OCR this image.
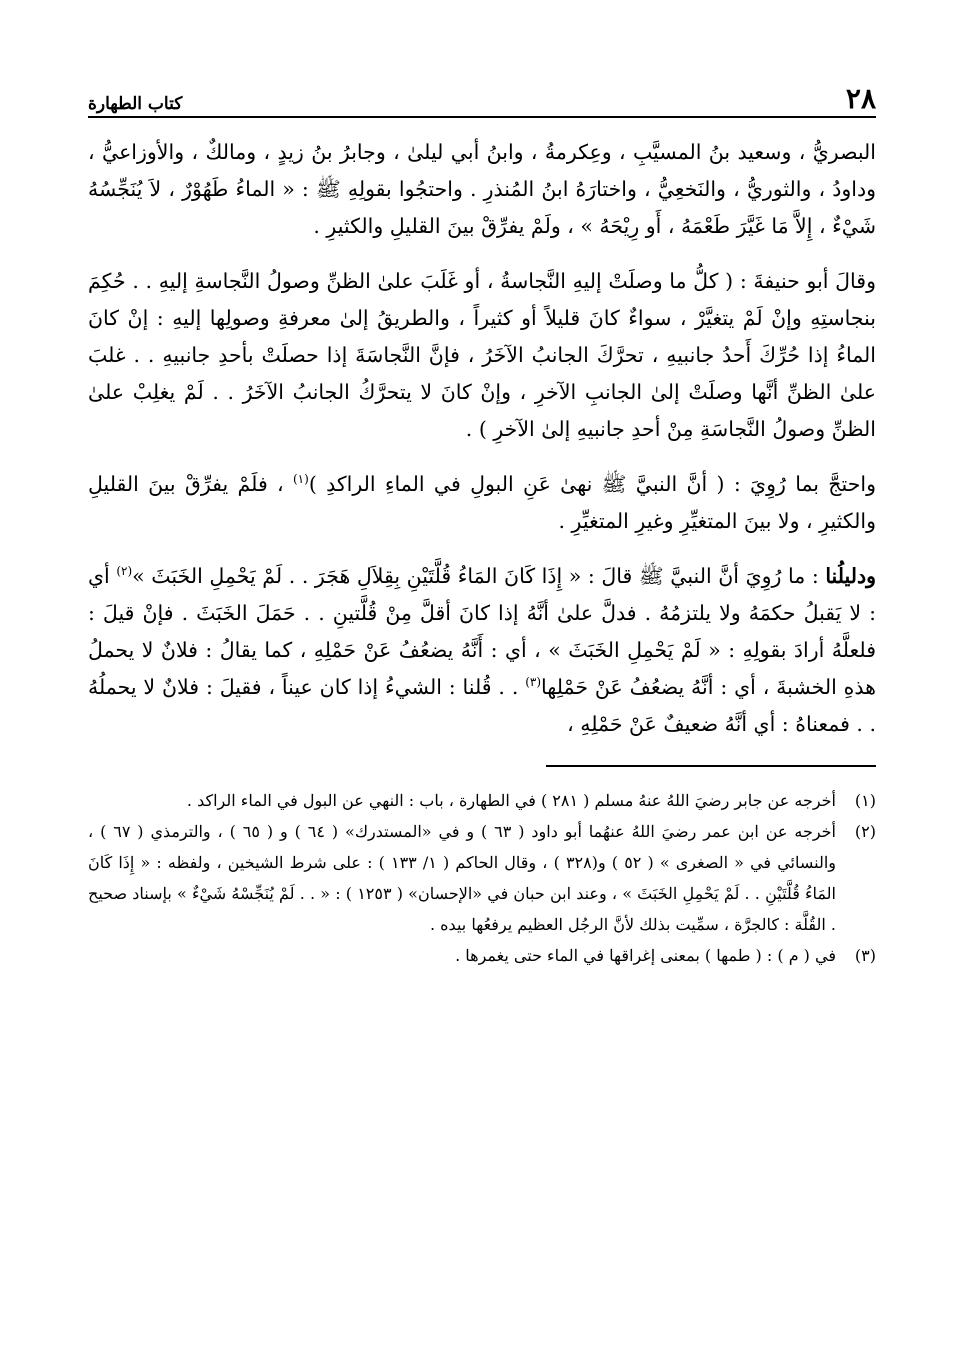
٢٨
كتاب الطهارة

البصريُّ ، وسعيد بنُ المسيَّبِ ، وعِكرمةُ ، وابنُ أبي ليلىٰ ، وجابرُ بنُ زيدٍ ، ومالكٌ ، والأوزاعيُّ ، وداودُ ، والثوريُّ ، والنَخعِيُّ ، واختارَهُ ابنُ المُنذرِ . واحتجُوا بقولِهِ ﷺ : « الماءُ طَهُوْرٌ ، لاَ يُنَجِّسُهُ شَيْءٌ ، إِلاَّ مَا غَيَّرَ طَعْمَهُ ، أَو رِيْحَهُ » ، ولَمْ يفرِّقْ بينَ القليلِ والكثيرِ .

وقالَ أبو حنيفةَ : ( كلُّ ما وصلَتْ إليهِ النَّجاسةُ ، أو غَلَبَ علىٰ الظنِّ وصولُ النَّجاسةِ إليهِ . . حُكِمَ بنجاستِهِ وإنْ لَمْ يتغيَّرْ ، سواءٌ كانَ قليلاً أو كثيراً ، والطريقُ إلىٰ معرفةِ وصولِها إليهِ : إنْ كانَ الماءُ إذا حُرِّكَ أَحدُ جانبيهِ ، تحرَّكَ الجانبُ الآخَرُ ، فإنَّ النَّجاسَةَ إذا حصلَتْ بأحدِ جانبيهِ . . غلبَ علىٰ الظنِّ أنَّها وصلَتْ إلىٰ الجانبِ الآخرِ ، وإنْ كانَ لا يتحرَّكُ الجانبُ الآخَرُ . . لَمْ يغلِبْ علىٰ الظنِّ وصولُ النَّجاسَةِ مِنْ أحدِ جانبيهِ إلىٰ الآخرِ ) .

واحتجَّ بما رُوِيَ : ( أنَّ النبيَّ ﷺ نهىٰ عَنِ البولِ في الماءِ الراكدِ )$^{(١)}$ ، فلَمْ يفرِّقْ بينَ القليلِ والكثيرِ ، ولا بينَ المتغيِّرِ وغيرِ المتغيِّرِ .

ودليلُنا : ما رُوِيَ أنَّ النبيَّ ﷺ قالَ : « إِذَا كَانَ المَاءُ قُلَّتَيْنِ بِقِلاَلِ هَجَرَ . . لَمْ يَحْمِلِ الخَبَثَ »$^{(٢)}$ أي : لا يَقبلُ حكمَهُ ولا يلتزمُهُ . فدلَّ علىٰ أنَّهُ إذا كانَ أقلَّ مِنْ قُلَّتينِ . . حَمَلَ الخَبَثَ . فإنْ قيلَ : فلعلَّهُ أرادَ بقولِهِ : « لَمْ يَحْمِلِ الخَبَثَ » ، أي : أَنَّهُ يضعُفُ عَنْ حَمْلِهِ ، كما يقالُ : فلانٌ لا يحملُ هذهِ الخشبةَ ، أي : أنَّهُ يضعُفُ عَنْ حَمْلِها$^{(٣)}$ . . قُلنا : الشيءُ إذا كان عيناً ، فقيلَ : فلانٌ لا يحملُهُ . . فمعناهُ : أي أنَّهُ ضعيفٌ عَنْ حَمْلِهِ ،

(١)
أخرجه عن جابر رضيَ اللهُ عنهُ مسلم ( ٢٨١ ) في الطهارة ، باب : النهي عن البول في الماء الراكد .
(٢)
أخرجه عن ابن عمر رضيَ اللهُ عنهُما أبو داود ( ٦٣ ) و في «المستدرك» ( ٦٤ ) و ( ٦٥ ) ، والترمذي ( ٦٧ ) ، والنسائي في « الصغرى » ( ٥٢ ) و(٣٢٨ ) ، وقال الحاكم ( ١/ ١٣٣ ) : على شرط الشيخين ، ولفظه : « إِذَا كَانَ المَاءُ قُلَّتَيْنِ . . لَمْ يَحْمِلِ الخَبَثَ » ، وعند ابن حبان في «الإحسان» ( ١٢٥٣ ) : « . . لَمْ يُنَجِّسْهُ شَيْءٌ » بإسناد صحيح . القُلَّة : كالجرَّة ، سمِّيت بذلك لأنَّ الرجُل العظيم يرفعُها بيده .
(٣)
في ( م ) : ( طمها ) بمعنى إغراقها في الماء حتى يغمرها .
